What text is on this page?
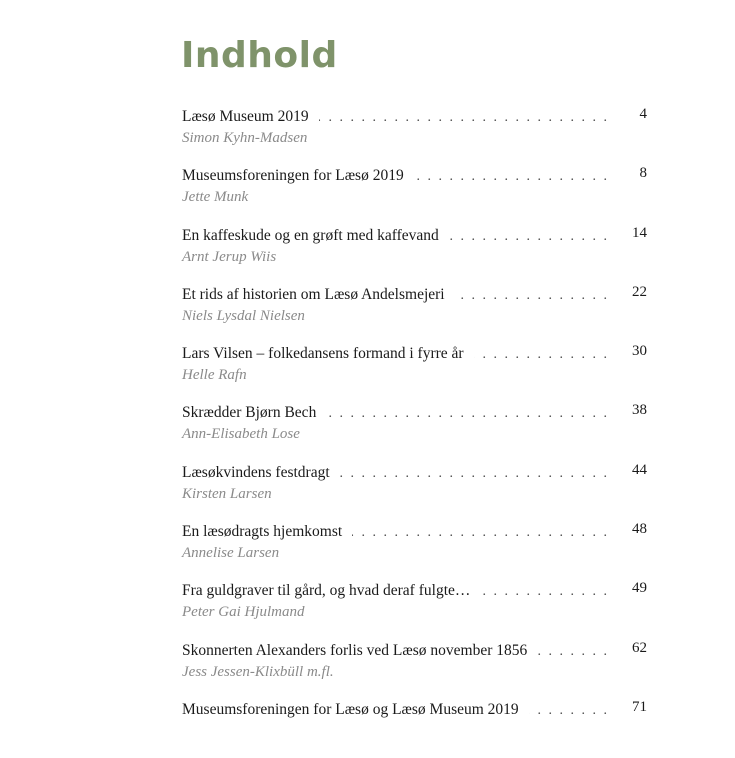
Indhold
Læsø Museum 2019 . . .	4
Simon Kyhn-Madsen
Museumsforeningen for Læsø 2019 . . .	8
Jette Munk
En kaffeskude og en grøft med kaffevand . . .	14
Arnt Jerup Wiis
Et rids af historien om Læsø Andelsmejeri . . .	22
Niels Lysdal Nielsen
Lars Vilsen – folkedansens formand i fyrre år . . .	30
Helle Rafn
Skrædder Bjørn Bech . . .	38
Ann-Elisabeth Lose
Læsøkvindens festdragt . . .	44
Kirsten Larsen
En læsødragts hjemkomst . . .	48
Annelise Larsen
Fra guldgraver til gård, og hvad deraf fulgte… . . .	49
Peter Gai Hjulmand
Skonnerten Alexanders forlis ved Læsø november 1856 . . .	62
Jess Jessen-Klixbüll m.fl.
Museumsforeningen for Læsø og Læsø Museum 2019 . . .	71
